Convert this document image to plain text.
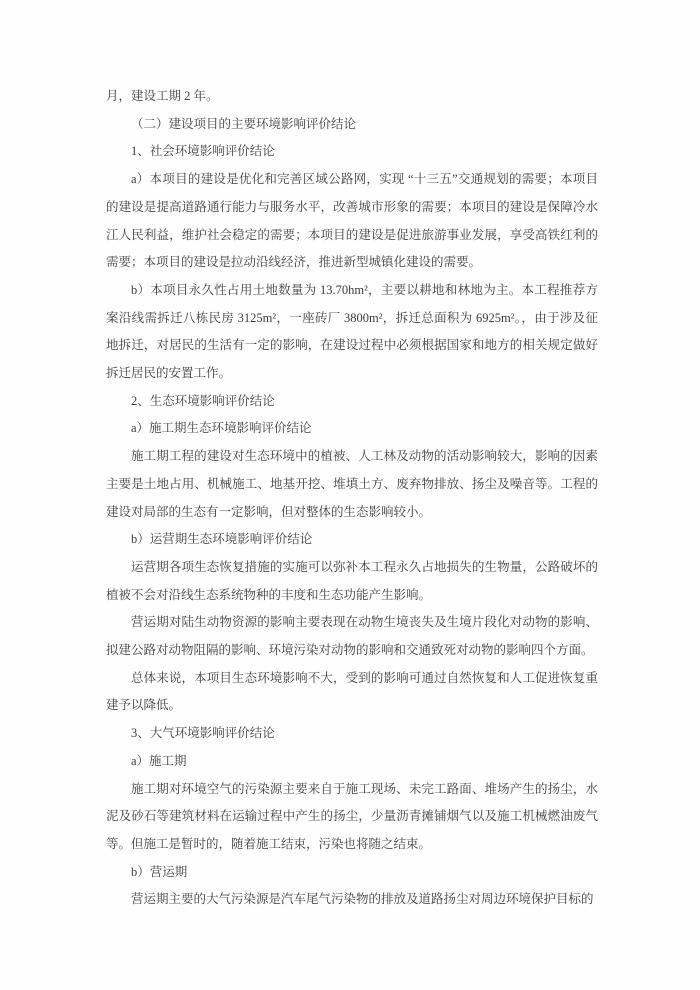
月，建设工期 2 年。

（二）建设项目的主要环境影响评价结论

1、社会环境影响评价结论

a）本项目的建设是优化和完善区域公路网，实现 “十三五”交通规划的需要；本项目的建设是提高道路通行能力与服务水平，改善城市形象的需要；本项目的建设是保障冷水江人民利益，维护社会稳定的需要；本项目的建设是促进旅游事业发展，享受高铁红利的需要；本项目的建设是拉动沿线经济，推进新型城镇化建设的需要。

b）本项目永久性占用土地数量为 13.70hm²，主要以耕地和林地为主。本工程推荐方案沿线需拆迁八栋民房 3125m²，一座砖厂 3800m²，拆迁总面积为 6925m²。，由于涉及征地拆迁，对居民的生活有一定的影响，在建设过程中必须根据国家和地方的相关规定做好拆迁居民的安置工作。

2、生态环境影响评价结论

a）施工期生态环境影响评价结论

施工期工程的建设对生态环境中的植被、人工林及动物的活动影响较大，影响的因素主要是土地占用、机械施工、地基开挖、堆填土方、废弃物排放、扬尘及噪音等。工程的建设对局部的生态有一定影响，但对整体的生态影响较小。

b）运营期生态环境影响评价结论

运营期各项生态恢复措施的实施可以弥补本工程永久占地损失的生物量，公路破坏的植被不会对沿线生态系统物种的丰度和生态功能产生影响。

营运期对陆生动物资源的影响主要表现在动物生境丧失及生境片段化对动物的影响、拟建公路对动物阻隔的影响、环境污染对动物的影响和交通致死对动物的影响四个方面。

总体来说，本项目生态环境影响不大，受到的影响可通过自然恢复和人工促进恢复重建予以降低。

3、大气环境影响评价结论

a）施工期

施工期对环境空气的污染源主要来自于施工现场、未完工路面、堆场产生的扬尘，水泥及砂石等建筑材料在运输过程中产生的扬尘，少量沥青摊铺烟气以及施工机械燃油废气等。但施工是暂时的，随着施工结束，污染也将随之结束。

b）营运期

营运期主要的大气污染源是汽车尾气污染物的排放及道路扬尘对周边环境保护目标的
